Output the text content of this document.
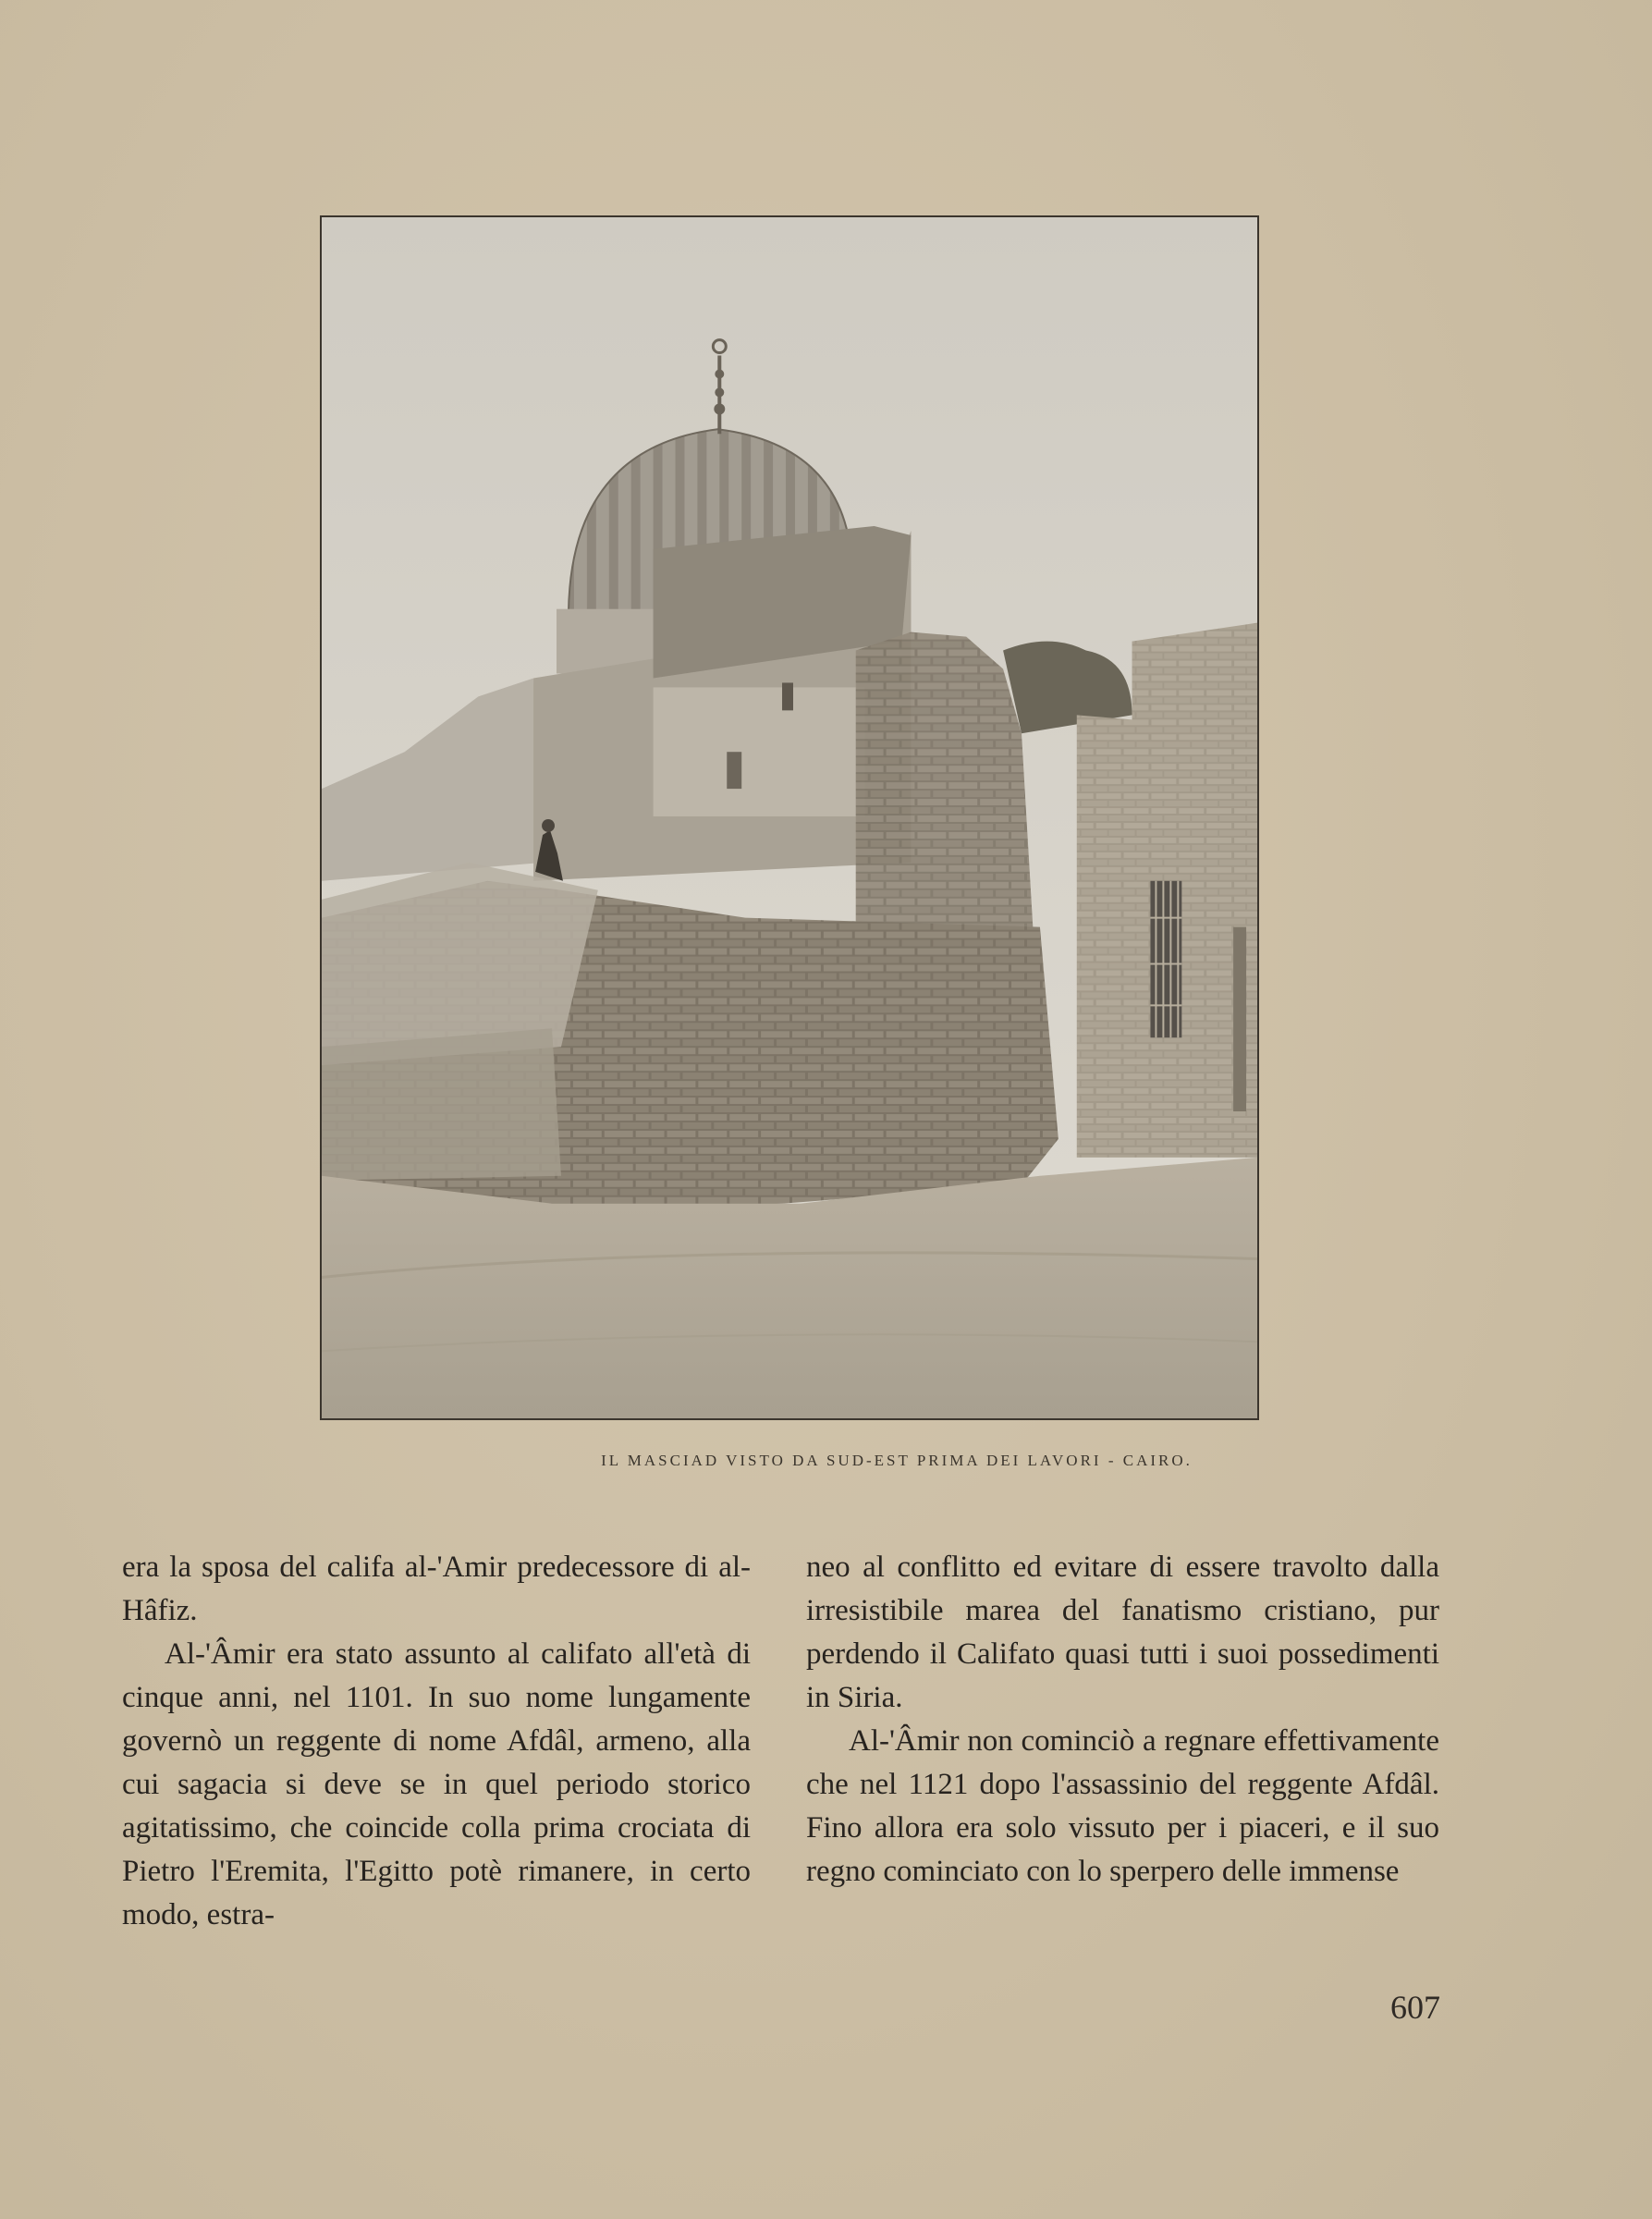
IL MASCIAD VISTO DA SUD-EST PRIMA DEI LAVORI - CAIRO.

era la sposa del califa al-'Amir predecessore di al-Hâfiz.

Al-'Âmir era stato assunto al califato all'età di cinque anni, nel 1101. In suo nome lungamente governò un reggente di nome Afdâl, armeno, alla cui sagacia si deve se in quel periodo storico agitatissimo, che coincide colla prima crociata di Pietro l'Eremita, l'Egitto potè rimanere, in certo modo, estra-

neo al conflitto ed evitare di essere travolto dalla irresistibile marea del fanatismo cristiano, pur perdendo il Califato quasi tutti i suoi possedimenti in Siria.

Al-'Âmir non cominciò a regnare effettivamente che nel 1121 dopo l'assassinio del reggente Afdâl. Fino allora era solo vissuto per i piaceri, e il suo regno cominciato con lo sperpero delle immense

607
